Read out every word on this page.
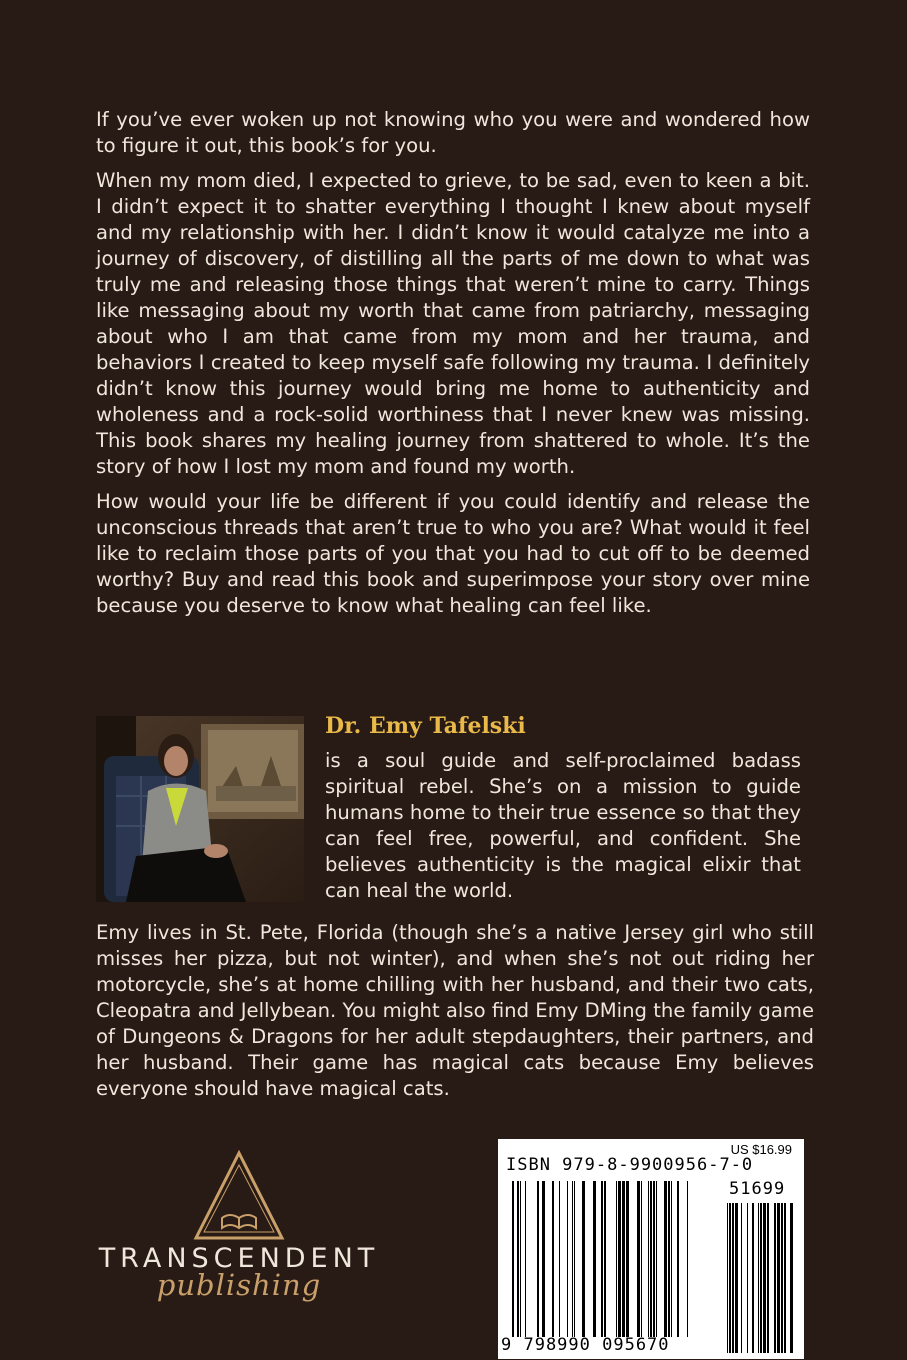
If you’ve ever woken up not knowing who you were and wondered how to figure it out, this book’s for you.

When my mom died, I expected to grieve, to be sad, even to keen a bit. I didn’t expect it to shatter everything I thought I knew about myself and my relationship with her. I didn’t know it would catalyze me into a journey of discovery, of distilling all the parts of me down to what was truly me and releasing those things that weren’t mine to carry. Things like messaging about my worth that came from patriarchy, messaging about who I am that came from my mom and her trauma, and behaviors I created to keep myself safe following my trauma. I definitely didn’t know this journey would bring me home to authenticity and wholeness and a rock-solid worthiness that I never knew was missing. This book shares my healing journey from shattered to whole. It’s the story of how I lost my mom and found my worth.

How would your life be different if you could identify and release the unconscious threads that aren’t true to who you are? What would it feel like to reclaim those parts of you that you had to cut off to be deemed worthy? Buy and read this book and superimpose your story over mine because you deserve to know what healing can feel like.

Dr. Emy Tafelski
is a soul guide and self-proclaimed badass spiritual rebel. She’s on a mission to guide humans home to their true essence so that they can feel free, powerful, and confident. She believes authenticity is the magical elixir that can heal the world.
Emy lives in St. Pete, Florida (though she’s a native Jersey girl who still misses her pizza, but not winter), and when she’s not out riding her motorcycle, she’s at home chilling with her husband, and their two cats, Cleopatra and Jellybean. You might also find Emy DMing the family game of Dungeons & Dragons for her adult stepdaughters, their partners, and her husband. Their game has magical cats because Emy believes everyone should have magical cats.
TRANSCENDENT
publishing
US $16.99
ISBN 979-8-9900956-7-0
51699
9 798990 095670
